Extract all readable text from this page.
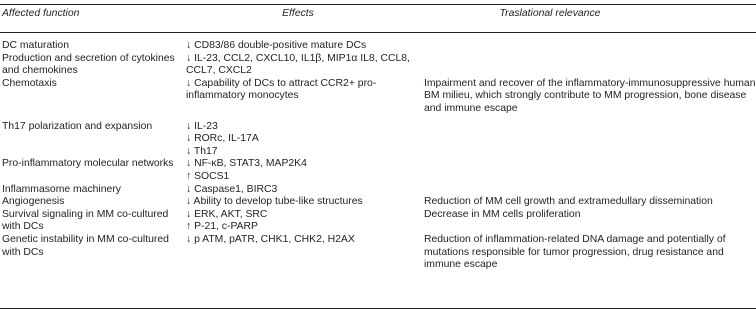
Affected function	Effects	Traslational relevance
DC maturation	↓ CD83/86 double-positive mature DCs	

Production and secretion of cytokines and chemokines	↓ IL-23, CCL2, CXCL10, IL1β, MIP1α IL8, CCL8, CCL7, CXCL2	

Chemotaxis	↓ Capability of DCs to attract CCR2+ pro-inflammatory monocytes	Impairment and recover of the inflammatory-immunosuppressive human BM milieu, which strongly contribute to MM progression, bone disease and immune escape
Th17 polarization and expansion	↓ IL-23
↓ RORc, IL-17A
↓ Th17	

Pro-inflammatory molecular networks	↓ NF-κB, STAT3, MAP2K4
↑ SOCS1	

Inflammasome machinery	↓ Caspase1, BIRC3	

Angiogenesis	↓ Ability to develop tube-like structures	Reduction of MM cell growth and extramedullary dissemination
Survival signaling in MM co-cultured with DCs	↓ ERK, AKT, SRC
↑ P-21, c-PARP	Decrease in MM cells proliferation
Genetic instability in MM co-cultured with DCs	↓ p ATM, pATR, CHK1, CHK2, H2AX	Reduction of inflammation-related DNA damage and potentially of mutations responsible for tumor progression, drug resistance and immune escape
